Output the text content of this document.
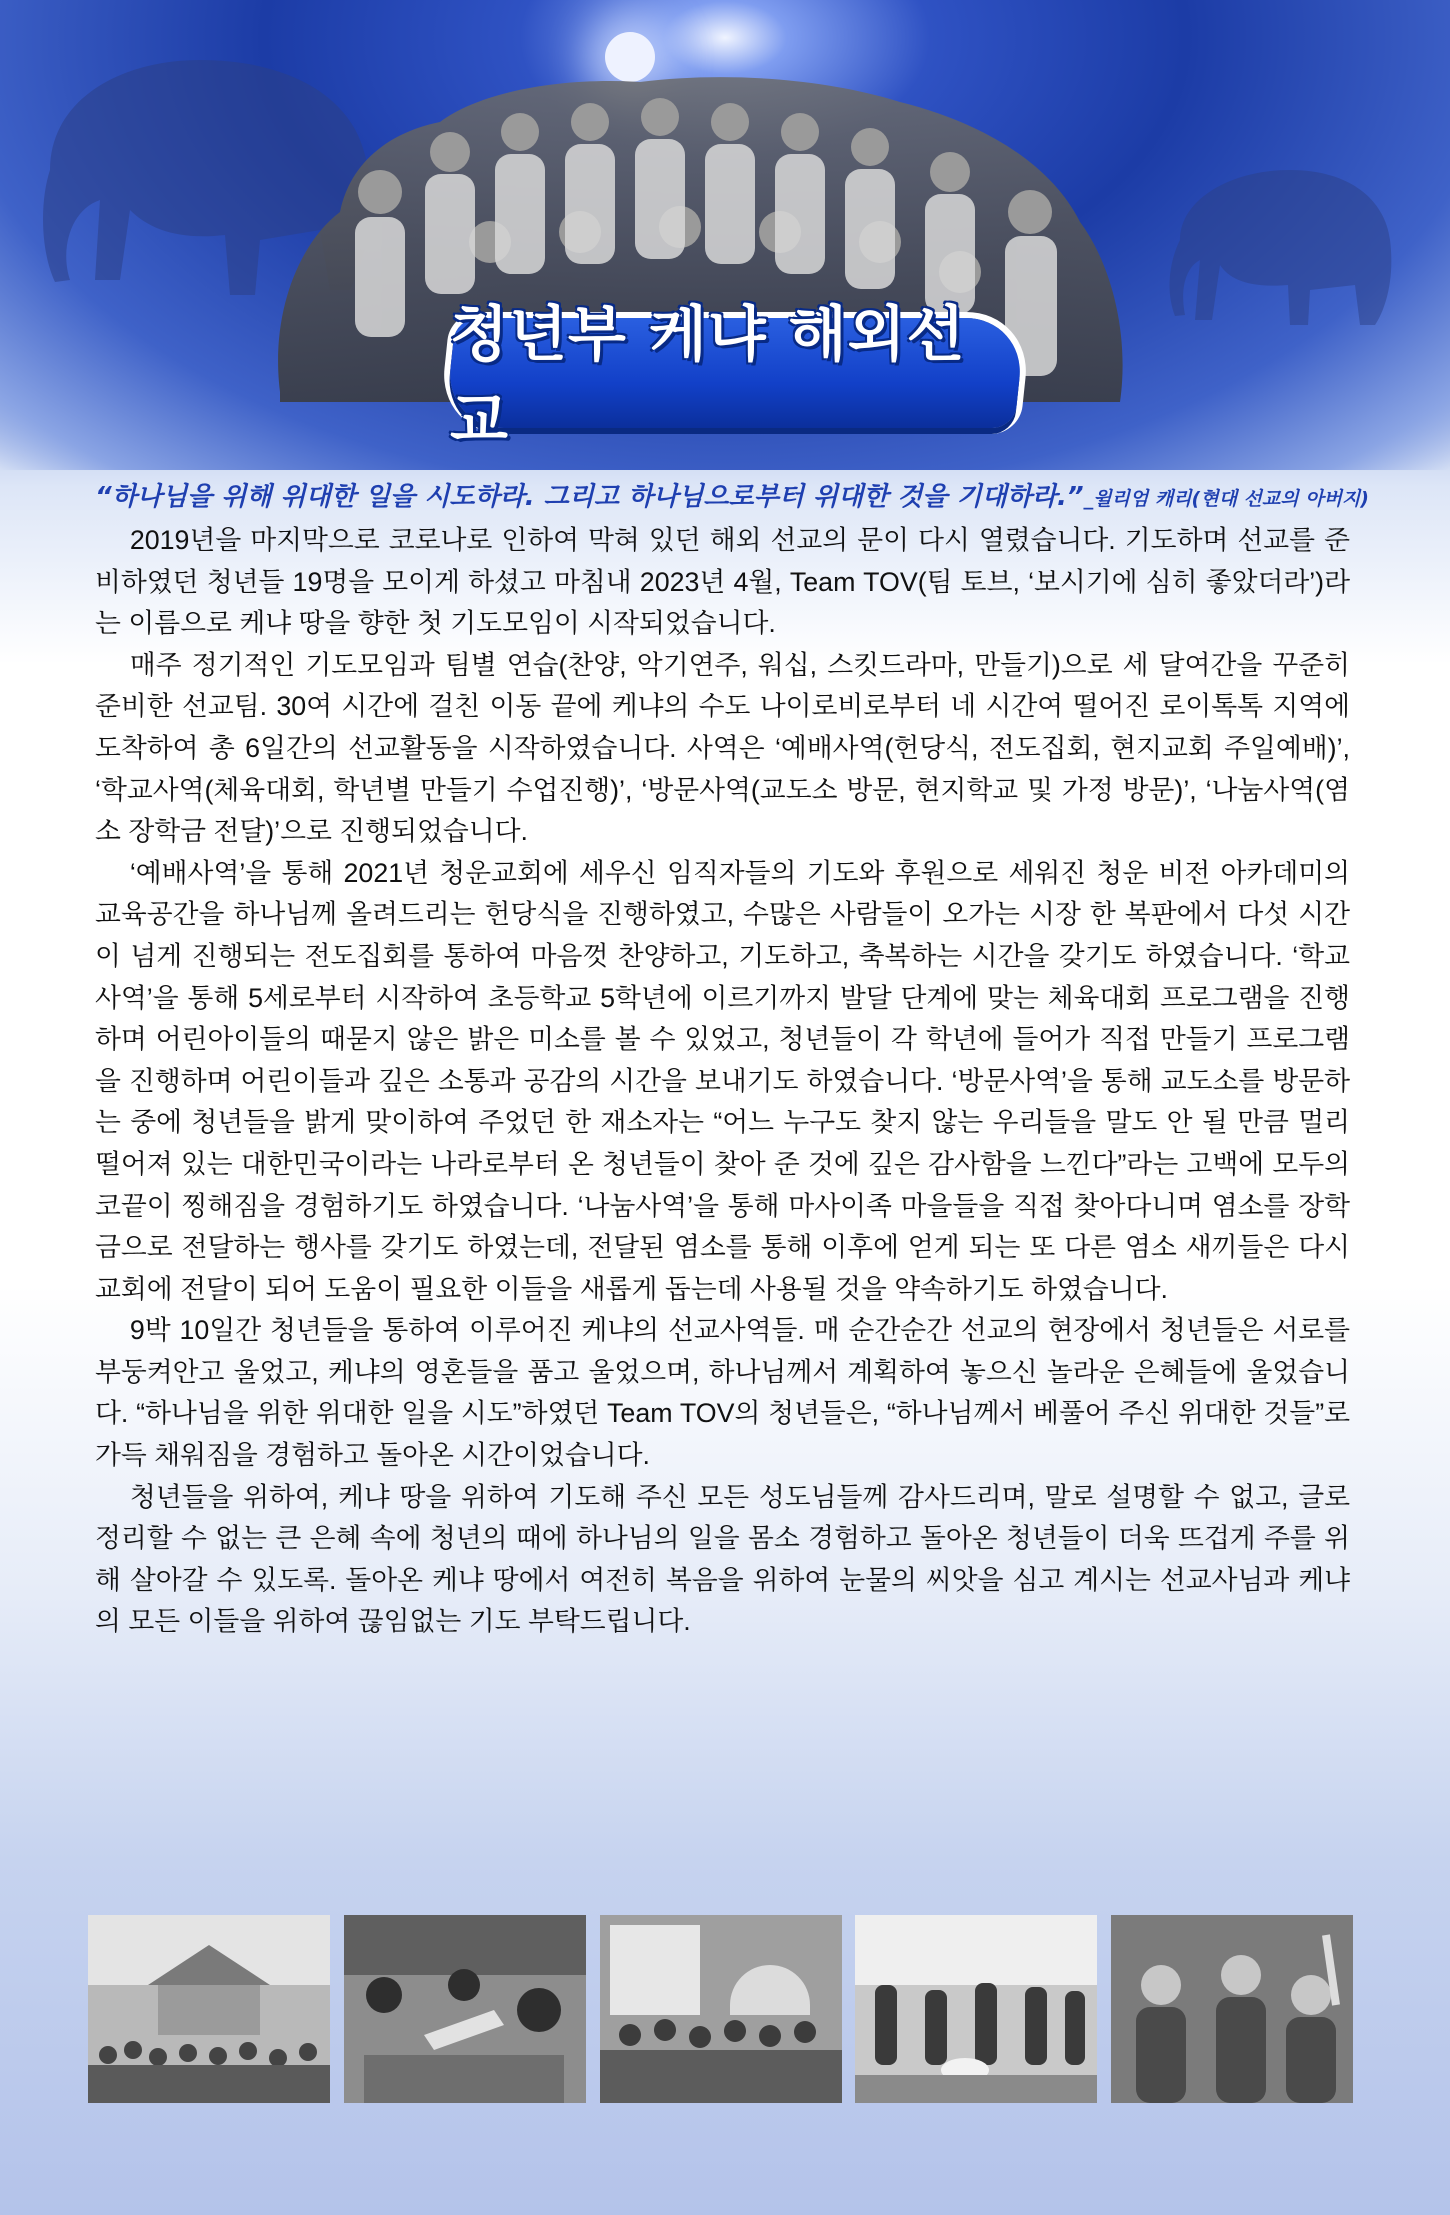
청년부 케냐 해외선교
“하나님을 위해 위대한 일을 시도하라. 그리고 하나님으로부터 위대한 것을 기대하라.”_윌리엄 캐리(현대 선교의 아버지)

2019년을 마지막으로 코로나로 인하여 막혀 있던 해외 선교의 문이 다시 열렸습니다. 기도하며 선교를 준비하였던 청년들 19명을 모이게 하셨고 마침내 2023년 4월, Team TOV(팀 토브, ‘보시기에 심히 좋았더라’)라는 이름으로 케냐 땅을 향한 첫 기도모임이 시작되었습니다.

매주 정기적인 기도모임과 팀별 연습(찬양, 악기연주, 워십, 스킷드라마, 만들기)으로 세 달여간을 꾸준히 준비한 선교팀. 30여 시간에 걸친 이동 끝에 케냐의 수도 나이로비로부터 네 시간여 떨어진 로이톡톡 지역에 도착하여 총 6일간의 선교활동을 시작하였습니다. 사역은 ‘예배사역(헌당식, 전도집회, 현지교회 주일예배)’, ‘학교사역(체육대회, 학년별 만들기 수업진행)’, ‘방문사역(교도소 방문, 현지학교 및 가정 방문)’, ‘나눔사역(염소 장학금 전달)’으로 진행되었습니다.

‘예배사역’을 통해 2021년 청운교회에 세우신 임직자들의 기도와 후원으로 세워진 청운 비전 아카데미의 교육공간을 하나님께 올려드리는 헌당식을 진행하였고, 수많은 사람들이 오가는 시장 한 복판에서 다섯 시간이 넘게 진행되는 전도집회를 통하여 마음껏 찬양하고, 기도하고, 축복하는 시간을 갖기도 하였습니다. ‘학교사역’을 통해 5세로부터 시작하여 초등학교 5학년에 이르기까지 발달 단계에 맞는 체육대회 프로그램을 진행하며 어린아이들의 때묻지 않은 밝은 미소를 볼 수 있었고, 청년들이 각 학년에 들어가 직접 만들기 프로그램을 진행하며 어린이들과 깊은 소통과 공감의 시간을 보내기도 하였습니다. ‘방문사역’을 통해 교도소를 방문하는 중에 청년들을 밝게 맞이하여 주었던 한 재소자는 “어느 누구도 찾지 않는 우리들을 말도 안 될 만큼 멀리 떨어져 있는 대한민국이라는 나라로부터 온 청년들이 찾아 준 것에 깊은 감사함을 느낀다”라는 고백에 모두의 코끝이 찡해짐을 경험하기도 하였습니다. ‘나눔사역’을 통해 마사이족 마을들을 직접 찾아다니며 염소를 장학금으로 전달하는 행사를 갖기도 하였는데, 전달된 염소를 통해 이후에 얻게 되는 또 다른 염소 새끼들은 다시 교회에 전달이 되어 도움이 필요한 이들을 새롭게 돕는데 사용될 것을 약속하기도 하였습니다.

9박 10일간 청년들을 통하여 이루어진 케냐의 선교사역들. 매 순간순간 선교의 현장에서 청년들은 서로를 부둥켜안고 울었고, 케냐의 영혼들을 품고 울었으며, 하나님께서 계획하여 놓으신 놀라운 은혜들에 울었습니다. “하나님을 위한 위대한 일을 시도”하였던 Team TOV의 청년들은, “하나님께서 베풀어 주신 위대한 것들”로 가득 채워짐을 경험하고 돌아온 시간이었습니다.

청년들을 위하여, 케냐 땅을 위하여 기도해 주신 모든 성도님들께 감사드리며, 말로 설명할 수 없고, 글로 정리할 수 없는 큰 은혜 속에 청년의 때에 하나님의 일을 몸소 경험하고 돌아온 청년들이 더욱 뜨겁게 주를 위해 살아갈 수 있도록. 돌아온 케냐 땅에서 여전히 복음을 위하여 눈물의 씨앗을 심고 계시는 선교사님과 케냐의 모든 이들을 위하여 끊임없는 기도 부탁드립니다.
